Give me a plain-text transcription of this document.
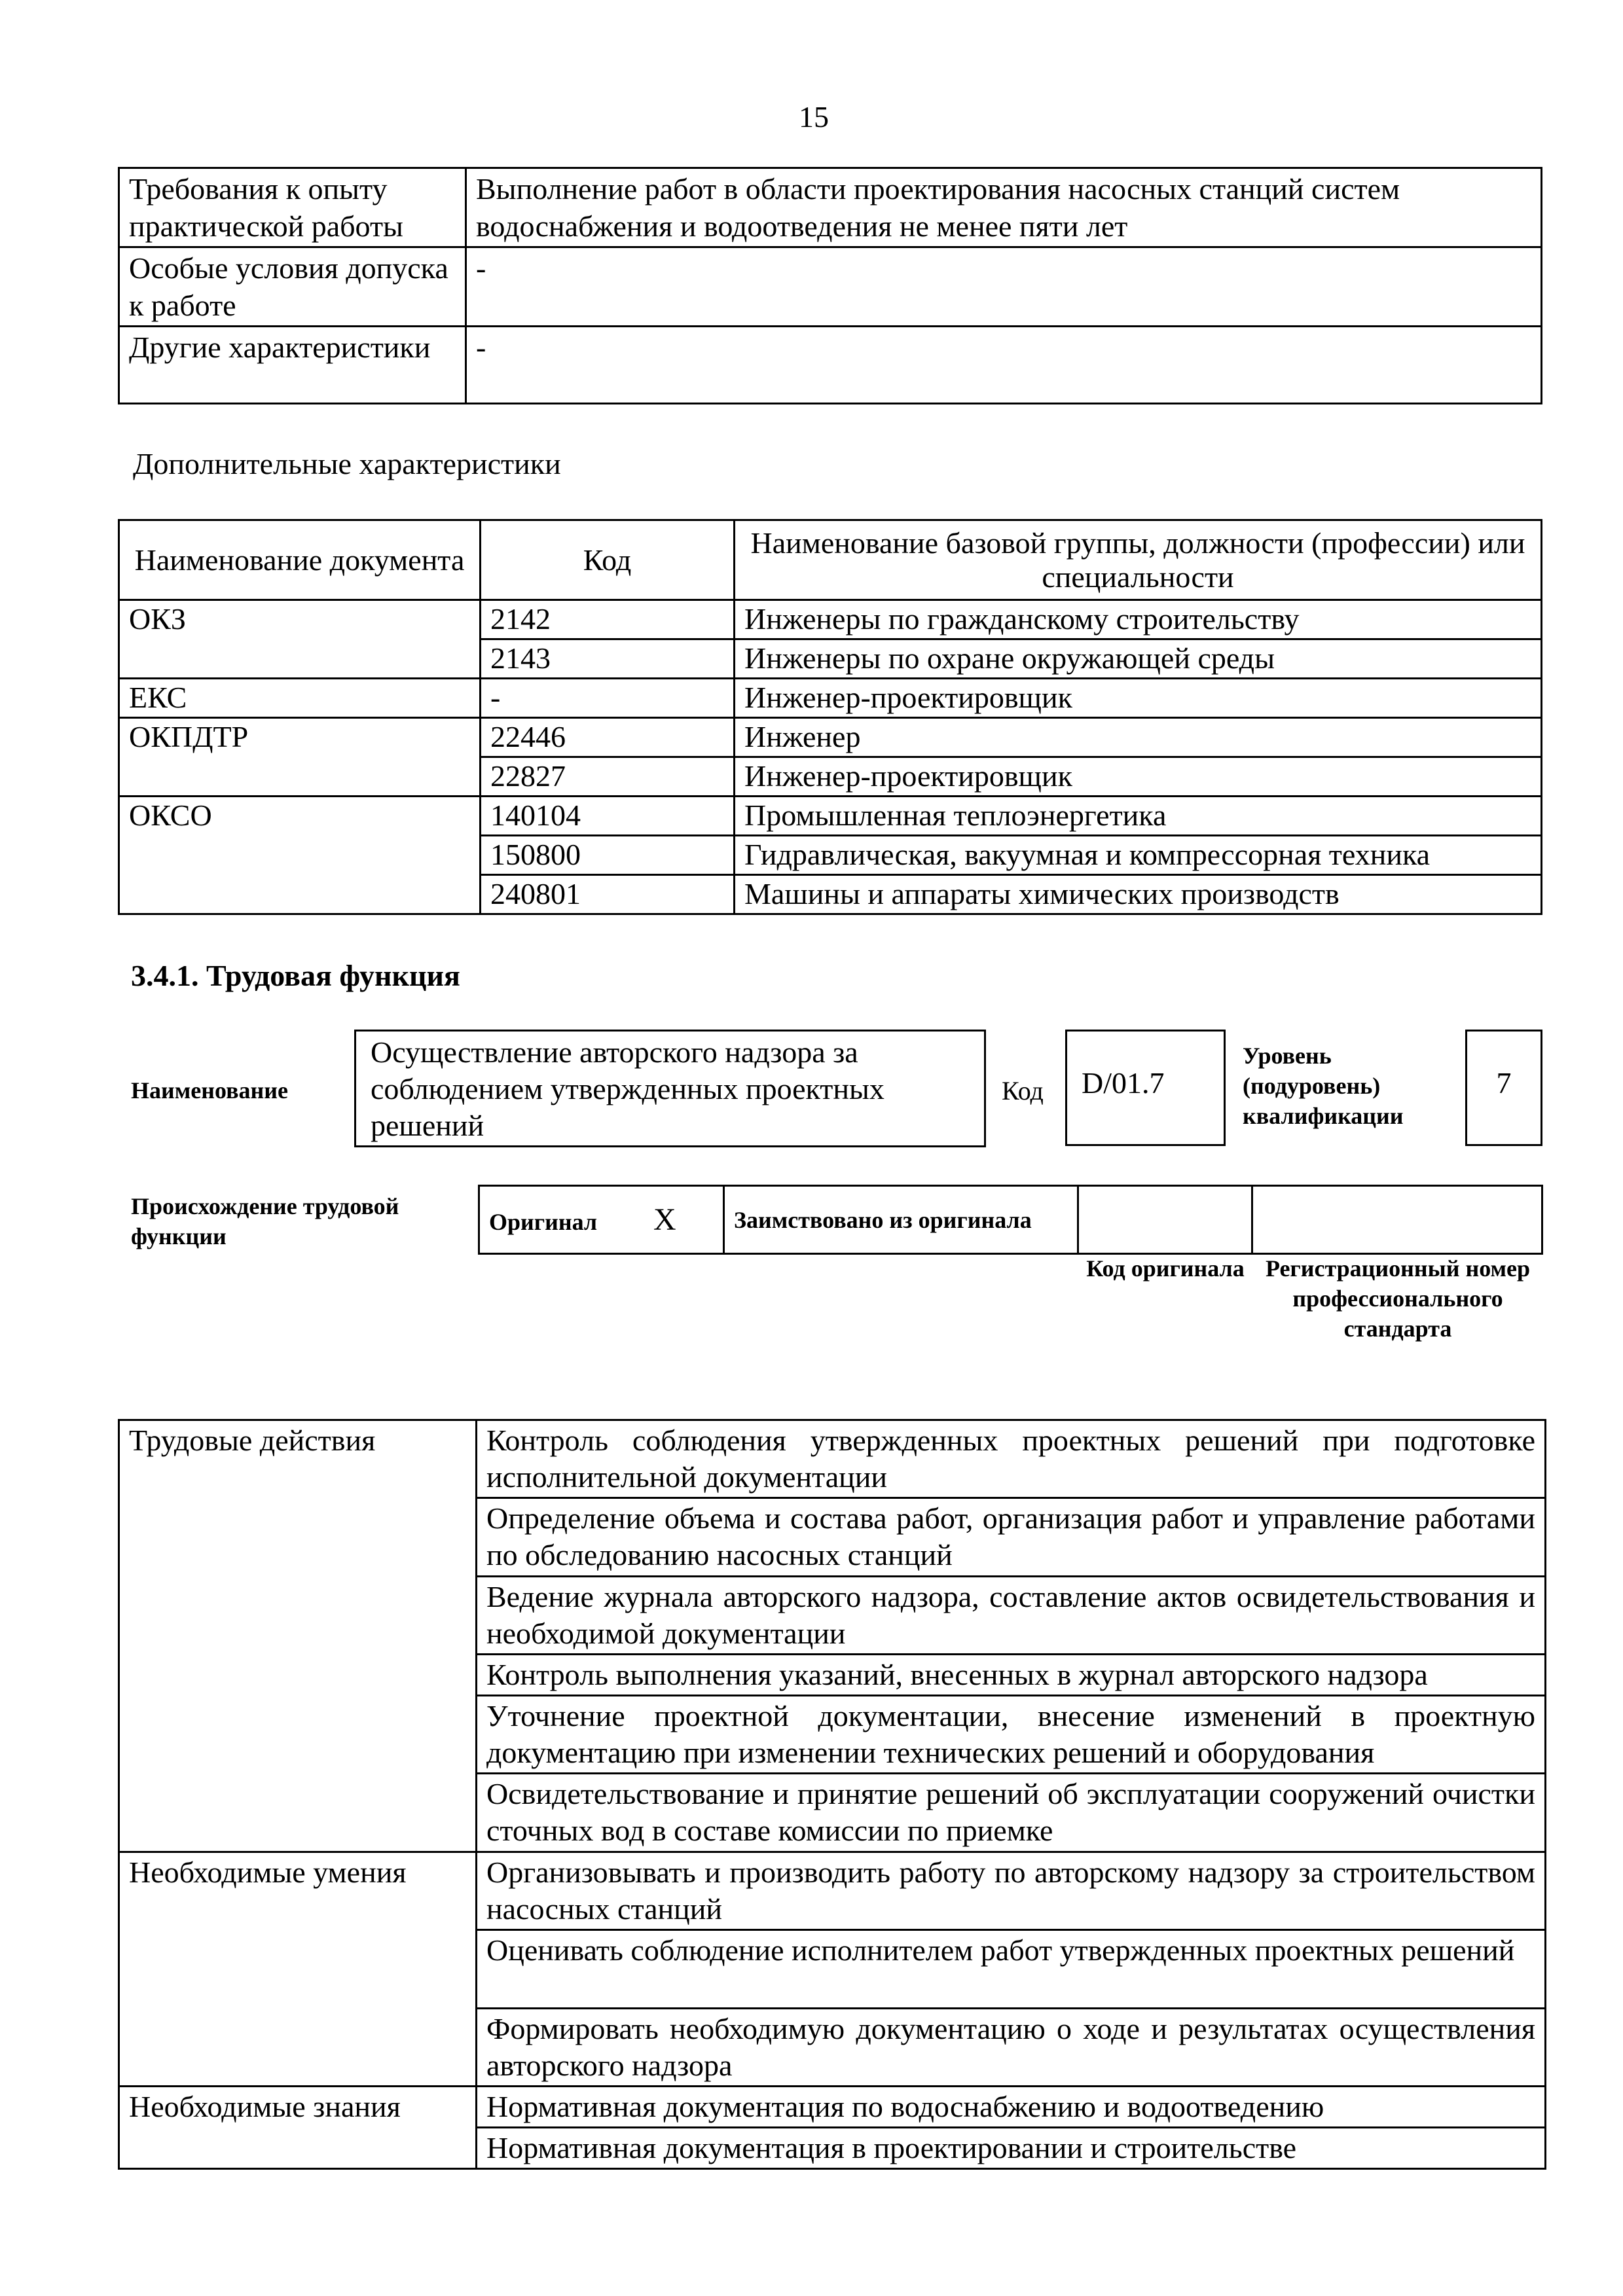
15
Требования к опыту практической работы	Выполнение работ в области проектирования насосных станций систем водоснабжения и водоотведения не менее пяти лет
Особые условия допуска к работе	-
Другие характеристики	-
Дополнительные характеристики
Наименование документа	Код	Наименование базовой группы, должности (профессии) или специальности
ОКЗ	2142	Инженеры по гражданскому строительству
	2143	Инженеры по охране окружающей среды
ЕКС	-	Инженер-проектировщик
ОКПДТР	22446	Инженер
	22827	Инженер-проектировщик
ОКСО	140104	Промышленная теплоэнергетика
	150800	Гидравлическая, вакуумная и компрессорная техника
	240801	Машины и аппараты химических производств
3.4.1. Трудовая функция
Наименование
Осуществление авторского надзора за соблюдением утвержденных проектных решений
Код	D/01.7
Уровень (подуровень) квалификации
7
Происхождение трудовой функции
Оригинал X	Заимствовано из оригинала		
Код оригинала Регистрационный номер профессионального стандарта
Трудовые действия	Контроль соблюдения утвержденных проектных решений при подготовке исполнительной документации
	Определение объема и состава работ, организация работ и управление работами по обследованию насосных станций
	Ведение журнала авторского надзора, составление актов освидетельствования и необходимой документации
	Контроль выполнения указаний, внесенных в журнал авторского надзора
	Уточнение проектной документации, внесение изменений в проектную документацию при изменении технических решений и оборудования
	Освидетельствование и принятие решений об эксплуатации сооружений очистки сточных вод в составе комиссии по приемке
Необходимые умения	Организовывать и производить работу по авторскому надзору за строительством насосных станций
	Оценивать соблюдение исполнителем работ утвержденных проектных решений
	Формировать необходимую документацию о ходе и результатах осуществления авторского надзора
Необходимые знания	Нормативная документация по водоснабжению и водоотведению
	Нормативная документация в проектировании и строительстве
